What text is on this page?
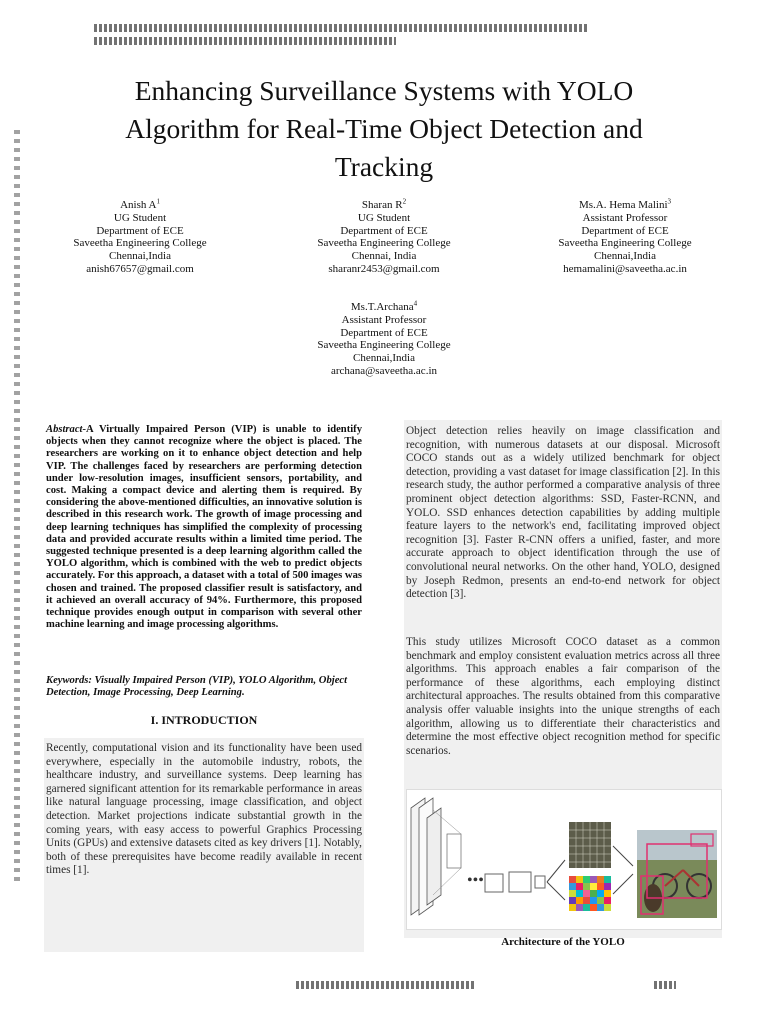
Enhancing Surveillance Systems with YOLO Algorithm for Real-Time Object Detection and Tracking
Anish $A^1$
UG Student
Department of ECE
Saveetha Engineering College
Chennai,India
anish67657@gmail.com
Sharan $R^2$
UG Student
Department of ECE
Saveetha Engineering College
Chennai, India
sharanr2453@gmail.com
Ms.A. Hema Malini$^3$
Assistant Professor
Department of ECE
Saveetha Engineering College
Chennai,India
hemamalini@saveetha.ac.in
Ms.T.Archana$^4$
Assistant Professor
Department of ECE
Saveetha Engineering College
Chennai,India
archana@saveetha.ac.in

Abstract-A Virtually Impaired Person (VIP) is unable to identify objects when they cannot recognize where the object is placed. The researchers are working on it to enhance object detection and help VIP. The challenges faced by researchers are performing detection under low-resolution images, insufficient sensors, portability, and cost. Making a compact device and alerting them is required. By considering the above-mentioned difficulties, an innovative solution is described in this research work. The growth of image processing and deep learning techniques has simplified the complexity of processing data and provided accurate results within a limited time period. The suggested technique presented is a deep learning algorithm called the YOLO algorithm, which is combined with the web to predict objects accurately. For this approach, a dataset with a total of 500 images was chosen and trained. The proposed classifier result is satisfactory, and it achieved an overall accuracy of 94%. Furthermore, this proposed technique provides enough output in comparison with several other machine learning and image processing algorithms.

Keywords: Visually Impaired Person (VIP), YOLO Algorithm, Object Detection, Image Processing, Deep Learning.

I. INTRODUCTION

Recently, computational vision and its functionality have been used everywhere, especially in the automobile industry, robots, the healthcare industry, and surveillance systems. Deep learning has garnered significant attention for its remarkable performance in areas like natural language processing, image classification, and object detection. Market projections indicate substantial growth in the coming years, with easy access to powerful Graphics Processing Units (GPUs) and extensive datasets cited as key drivers [1]. Notably, both of these prerequisites have become readily available in recent times [1].

Object detection relies heavily on image classification and recognition, with numerous datasets at our disposal. Microsoft COCO stands out as a widely utilized benchmark for object detection, providing a vast dataset for image classification [2]. In this research study, the author performed a comparative analysis of three prominent object detection algorithms: SSD, Faster-RCNN, and YOLO. SSD enhances detection capabilities by adding multiple feature layers to the network's end, facilitating improved object recognition [3]. Faster R-CNN offers a unified, faster, and more accurate approach to object identification through the use of convolutional neural networks. On the other hand, YOLO, designed by Joseph Redmon, presents an end-to-end network for object detection [3].

This study utilizes Microsoft COCO dataset as a common benchmark and employ consistent evaluation metrics across all three algorithms. This approach enables a fair comparison of the performance of these algorithms, each employing distinct architectural approaches. The results obtained from this comparative analysis offer valuable insights into the unique strengths of each algorithm, allowing us to differentiate their characteristics and determine the most effective object recognition method for specific scenarios.

•••
Architecture of the YOLO
